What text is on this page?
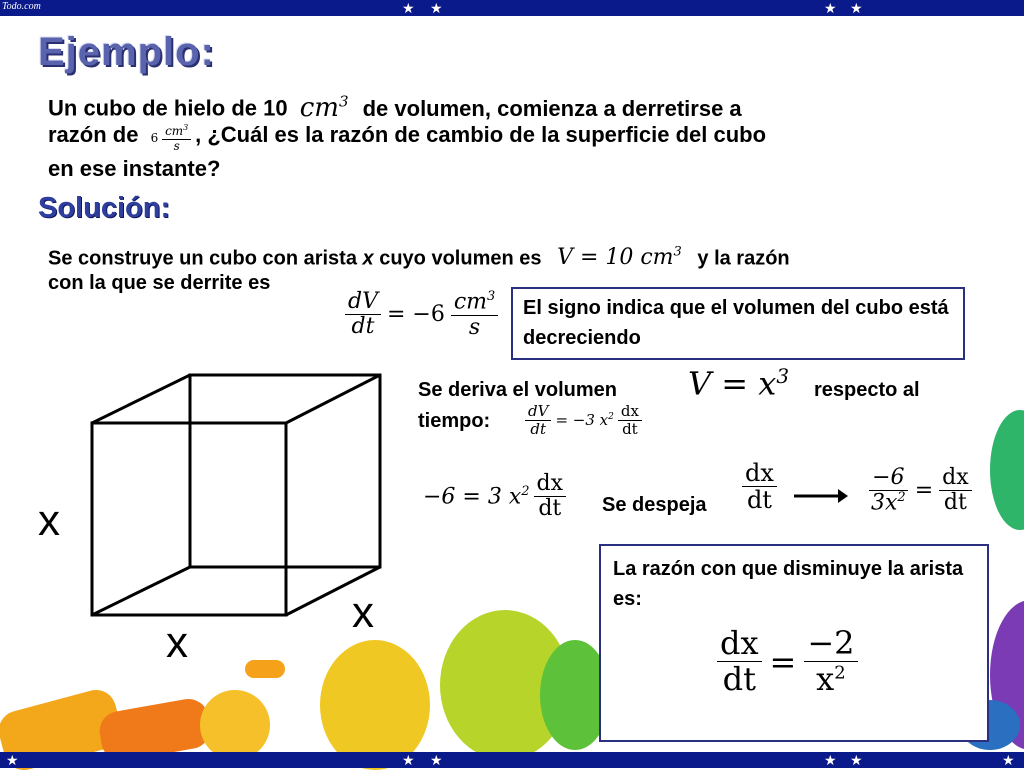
Todo.com	★ ★	★ ★
Ejemplo:
Un cubo de hielo de 10 $cm^3$ de volumen, comienza a derretirse a
razón de $6 \frac{cm^3}{s}$ , ¿Cuál es la razón de cambio de la superficie del cubo
en ese instante?
Solución:
Se construye un cubo con arista x cuyo volumen es V = 10 $cm^3$ y la razón
con la que se derrite es
$\frac{dV}{dt} = -6 \frac{cm^3}{s}$	El signo indica que el volumen del cubo está decreciendo
x
x
x
Se deriva el volumen $V = x^3$
respecto al
tiempo: $\frac{dV}{dt} = -3$ $x^2 \frac{dx}{dt}$
−6 = 3 $x^2 \frac{dx}{dt}$ Se despeja $\frac{dx}{dt}$	$\frac{-6}{3x^2} = \frac{dx}{dt}$
La razón con que disminuye la arista es:
$\frac{dx}{dt} = \frac{-2}{x^2}$
★	★ ★	★ ★	★
